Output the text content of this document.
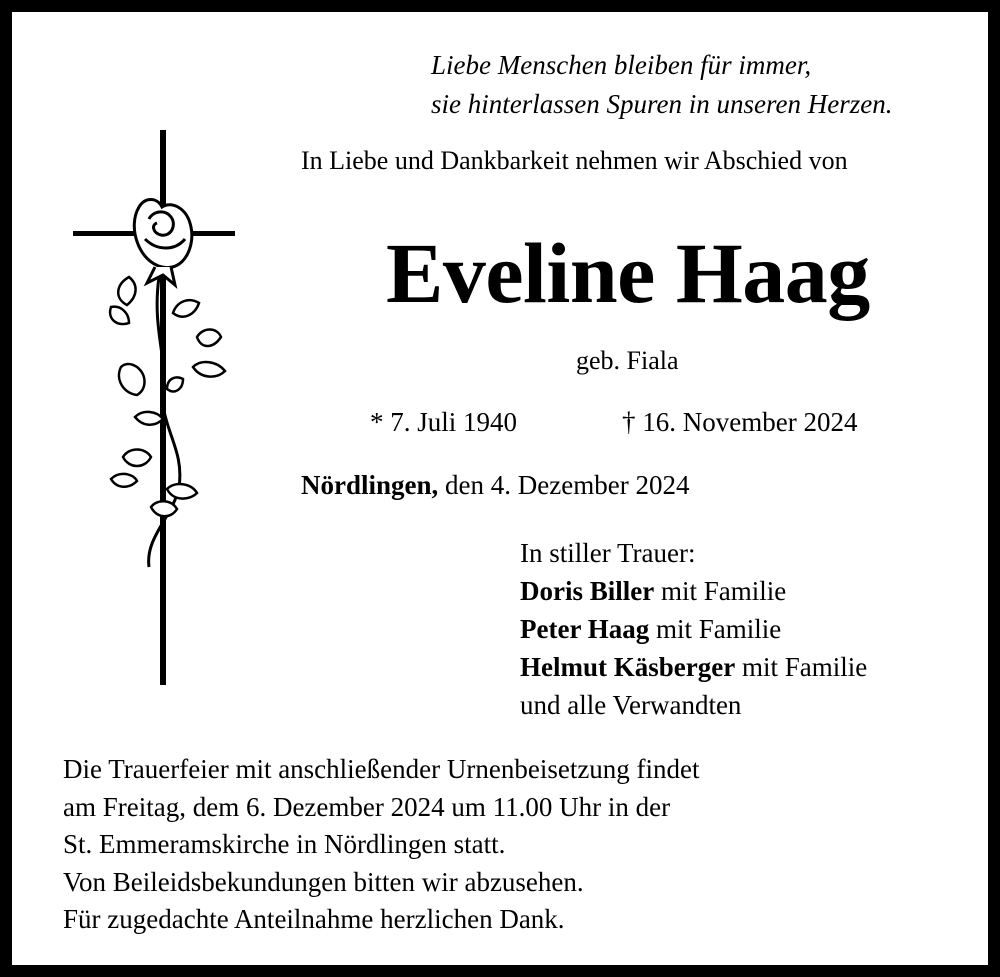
Liebe Menschen bleiben für immer,
sie hinterlassen Spuren in unseren Herzen.
In Liebe und Dankbarkeit nehmen wir Abschied von
Eveline Haag
geb. Fiala
* 7. Juli 1940	† 16. November 2024
Nördlingen, den 4. Dezember 2024
In stiller Trauer:
Doris Biller mit Familie
Peter Haag mit Familie
Helmut Käsberger mit Familie
und alle Verwandten
Die Trauerfeier mit anschließender Urnenbeisetzung findet
am Freitag, dem 6. Dezember 2024 um 11.00 Uhr in der
St. Emmeramskirche in Nördlingen statt.
Von Beileidsbekundungen bitten wir abzusehen.
Für zugedachte Anteilnahme herzlichen Dank.
